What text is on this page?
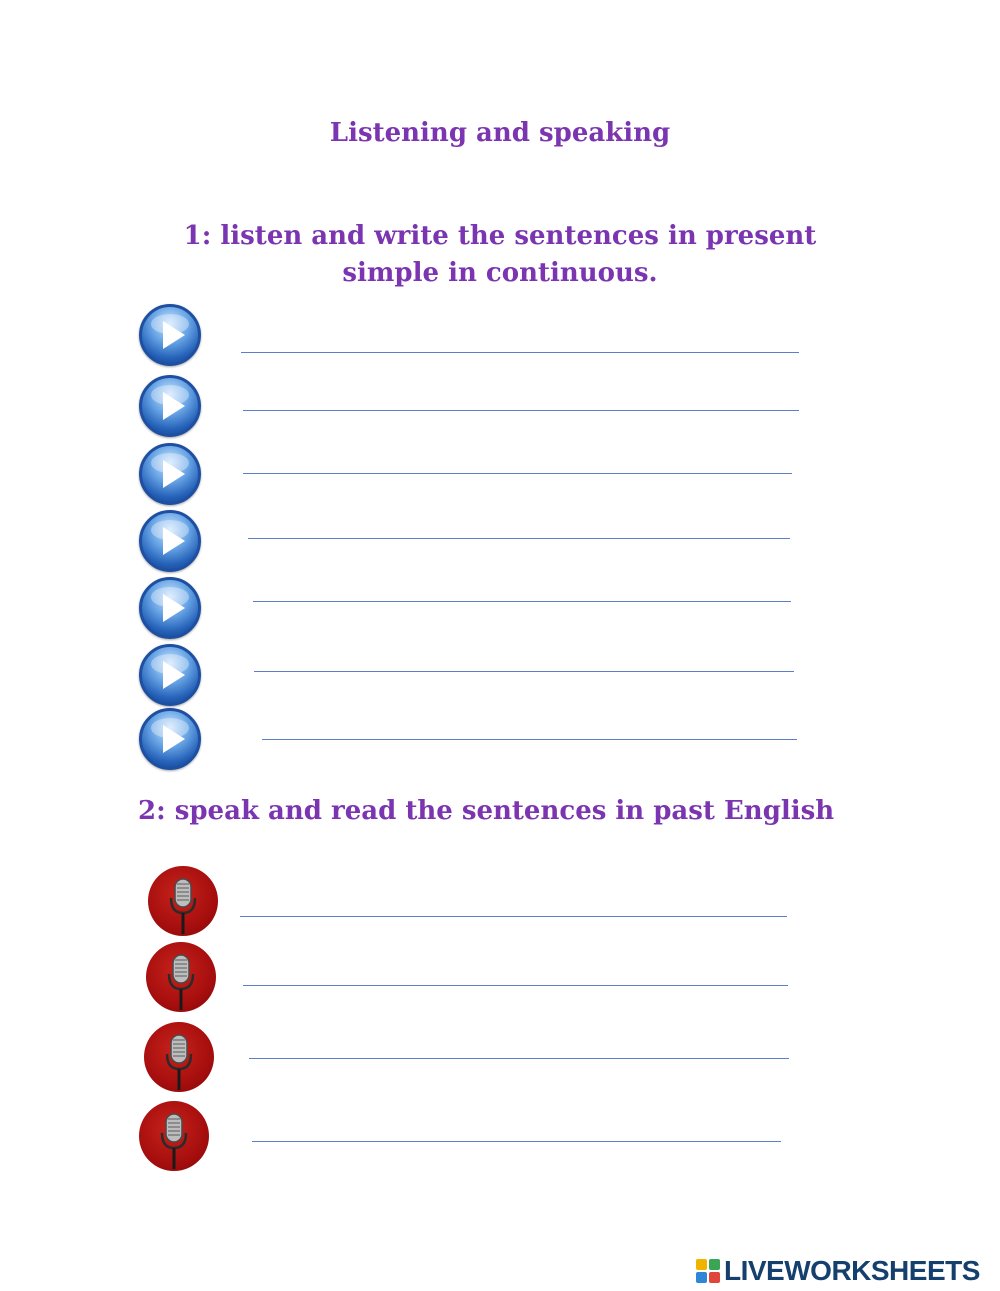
Listening and speaking
1: listen and write the sentences in present simple in continuous.
2: speak and read the sentences in past English
LIVEWORKSHEETS
